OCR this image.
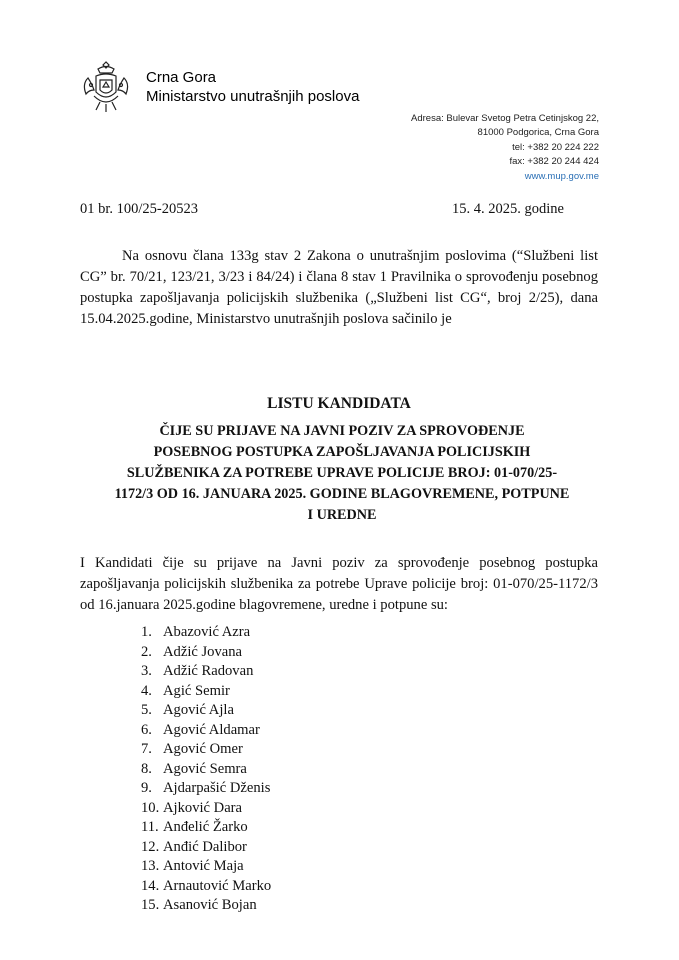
Crna Gora
Ministarstvo unutrašnjih poslova
Adresa: Bulevar Svetog Petra Cetinjskog 22,
81000 Podgorica, Crna Gora
tel: +382 20 224 222
fax: +382 20 244 424
www.mup.gov.me
01 br. 100/25-20523	15. 4. 2025. godine
Na osnovu člana 133g stav 2 Zakona o unutrašnjim poslovima (“Službeni list CG” br. 70/21, 123/21, 3/23 i 84/24) i člana 8 stav 1 Pravilnika o sprovođenju posebnog postupka zapošljavanja policijskih službenika („Službeni list CG“, broj 2/25), dana 15.04.2025.godine, Ministarstvo unutrašnjih poslova sačinilo je
LISTU KANDIDATA
ČIJE SU PRIJAVE NA JAVNI POZIV ZA SPROVOĐENJE
POSEBNOG POSTUPKA ZAPOŠLJAVANJA POLICIJSKIH
SLUŽBENIKA ZA POTREBE UPRAVE POLICIJE BROJ: 01-070/25-
1172/3 OD 16. JANUARA 2025. GODINE BLAGOVREMENE, POTPUNE
I UREDNE
I Kandidati čije su prijave na Javni poziv za sprovođenje posebnog postupka zapošljavanja policijskih službenika za potrebe Uprave policije broj: 01-070/25-1172/3 od 16.januara 2025.godine blagovremene, uredne i potpune su:
1. Abazović Azra
2. Adžić Jovana
3. Adžić Radovan
4. Agić Semir
5. Agović Ajla
6. Agović Aldamar
7. Agović Omer
8. Agović Semra
9. Ajdarpašić Dženis
10. Ajković Dara
11. Anđelić Žarko
12. Anđić Dalibor
13. Antović Maja
14. Arnautović Marko
15. Asanović Bojan
